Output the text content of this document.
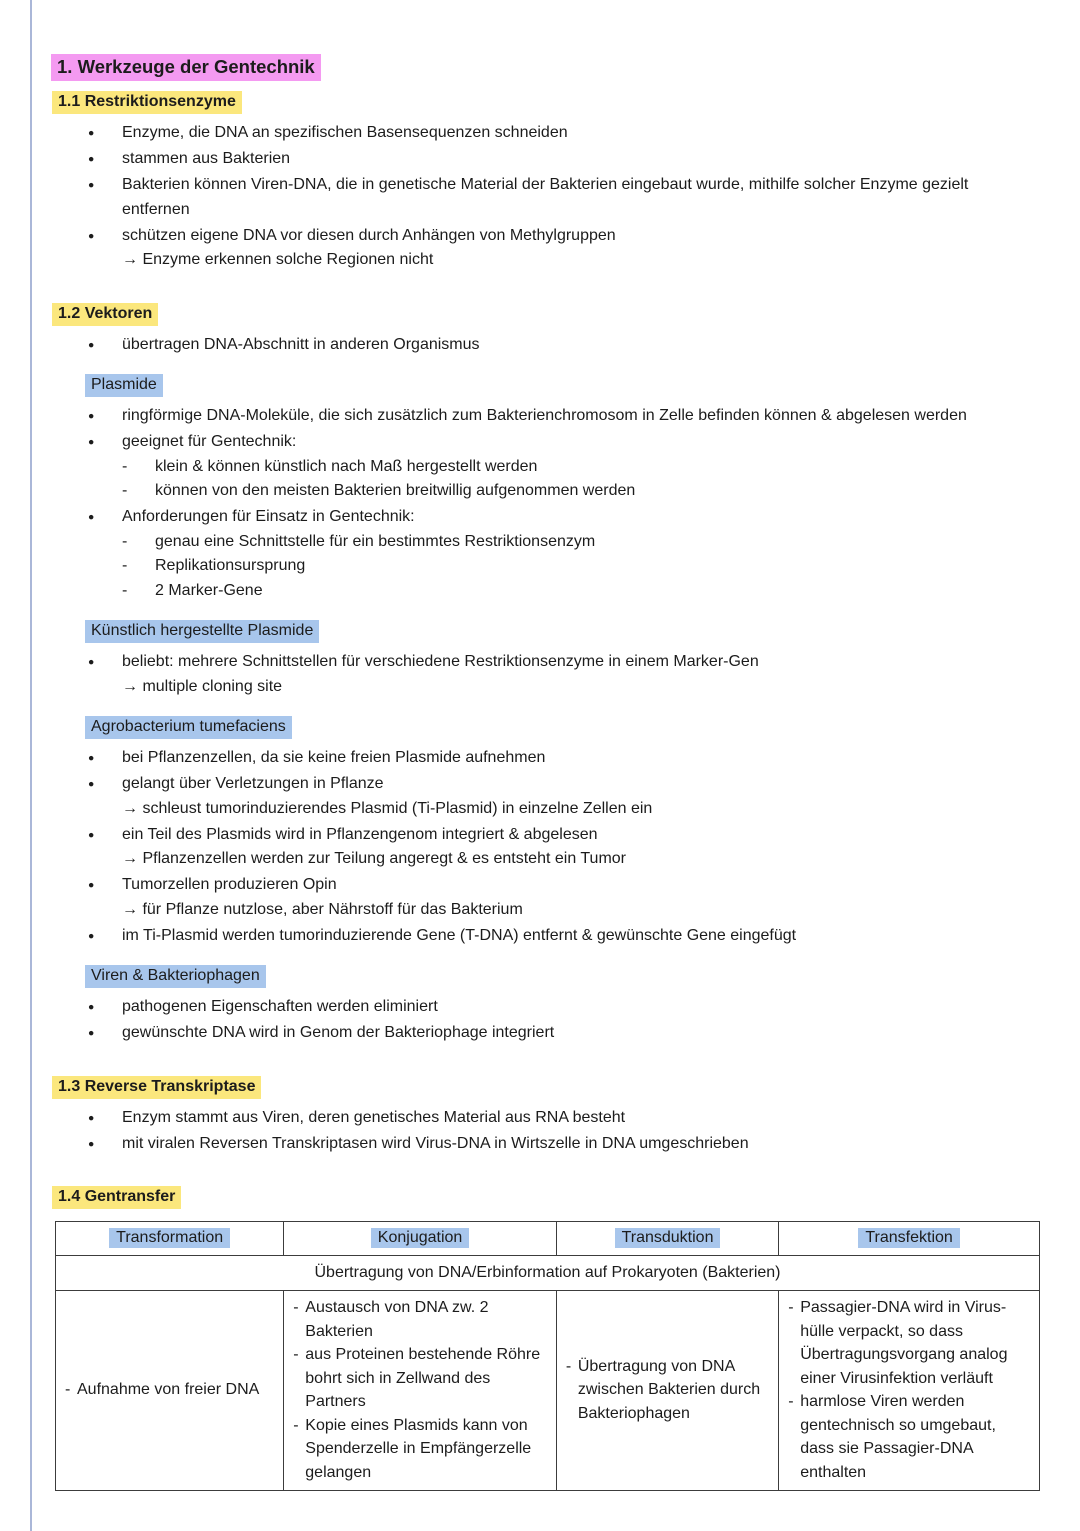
1. Werkzeuge der Gentechnik
1.1 Restriktionsenzyme
● Enzyme, die DNA an spezifischen Basensequenzen schneiden
● stammen aus Bakterien
● Bakterien können Viren-DNA, die in genetische Material der Bakterien eingebaut wurde, mithilfe solcher Enzyme gezielt entfernen
● schützen eigene DNA vor diesen durch Anhängen von Methylgruppen
→ Enzyme erkennen solche Regionen nicht
1.2 Vektoren
● übertragen DNA-Abschnitt in anderen Organismus
Plasmide
● ringförmige DNA-Moleküle, die sich zusätzlich zum Bakterienchromosom in Zelle befinden können & abgelesen werden
● geeignet für Gentechnik:
- klein & können künstlich nach Maß hergestellt werden
- können von den meisten Bakterien breitwillig aufgenommen werden
● Anforderungen für Einsatz in Gentechnik:
- genau eine Schnittstelle für ein bestimmtes Restriktionsenzym
- Replikationsursprung
- 2 Marker-Gene
Künstlich hergestellte Plasmide
● beliebt: mehrere Schnittstellen für verschiedene Restriktionsenzyme in einem Marker-Gen
→ multiple cloning site
Agrobacterium tumefaciens
● bei Pflanzenzellen, da sie keine freien Plasmide aufnehmen
● gelangt über Verletzungen in Pflanze
→ schleust tumorinduzierendes Plasmid (Ti-Plasmid) in einzelne Zellen ein
● ein Teil des Plasmids wird in Pflanzengenom integriert & abgelesen
→ Pflanzenzellen werden zur Teilung angeregt & es entsteht ein Tumor
● Tumorzellen produzieren Opin
→ für Pflanze nutzlose, aber Nährstoff für das Bakterium
● im Ti-Plasmid werden tumorinduzierende Gene (T-DNA) entfernt & gewünschte Gene eingefügt
Viren & Bakteriophagen
● pathogenen Eigenschaften werden eliminiert
● gewünschte DNA wird in Genom der Bakteriophage integriert
1.3 Reverse Transkriptase
● Enzym stammt aus Viren, deren genetisches Material aus RNA besteht
● mit viralen Reversen Transkriptasen wird Virus-DNA in Wirtszelle in DNA umgeschrieben
1.4 Gentransfer
Transformation	Konjugation	Transduktion	Transfektion
Übertragung von DNA/Erbinformation auf Prokaryoten (Bakterien)			

- Aufnahme von freier DNA

- Austausch von DNA zw. 2 Bakterien
- aus Proteinen bestehende Röhre bohrt sich in Zellwand des Partners
- Kopie eines Plasmids kann von Spenderzelle in Empfängerzelle gelangen

- Übertragung von DNA zwischen Bakterien durch Bakteriophagen

- Passagier-DNA wird in Virus-hülle verpackt, so dass Übertragungsvorgang analog einer Virusinfektion verläuft
- harmlose Viren werden gentechnisch so umgebaut, dass sie Passagier-DNA enthalten
